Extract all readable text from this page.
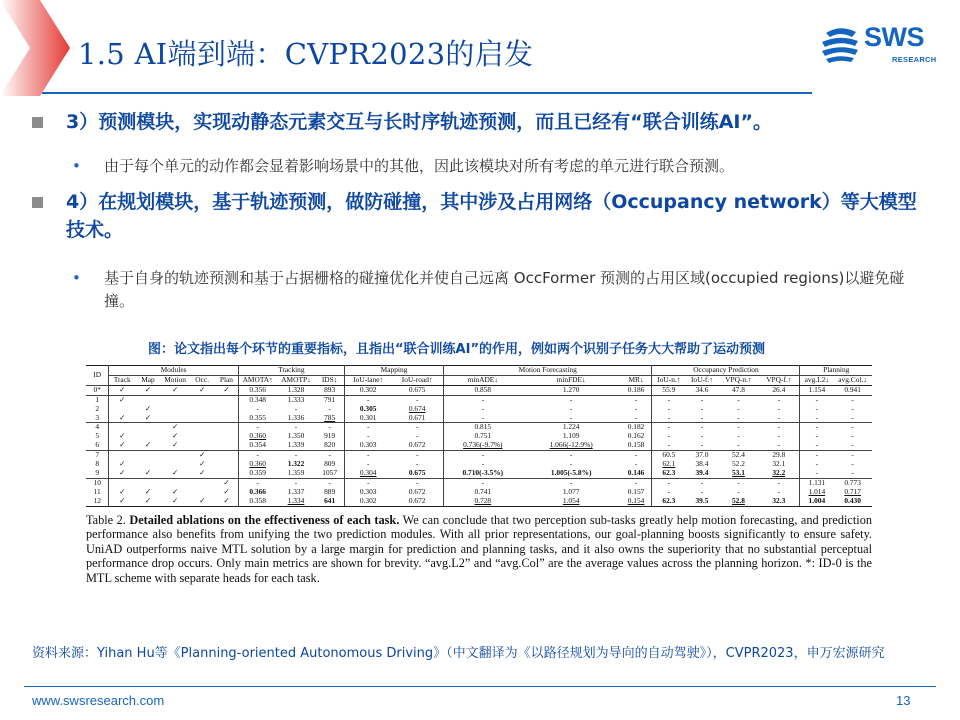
1.5 AI端到端：CVPR2023的启发	SWS
RESEARCH
3）预测模块，实现动静态元素交互与长时序轨迹预测，而且已经有“联合训练AI”。
•	由于每个单元的动作都会显着影响场景中的其他，因此该模块对所有考虑的单元进行联合预测。
4）在规划模块，基于轨迹预测，做防碰撞，其中涉及占用网络（Occupancy network）等大模型技术。
•	基于自身的轨迹预测和基于占据栅格的碰撞优化并使自己远离 OccFormer 预测的占用区域(occupied regions)以避免碰撞。
图：论文指出每个环节的重要指标，且指出“联合训练AI”的作用，例如两个识别子任务大大帮助了运动预测
ID	Modules					Tracking			Mapping		Motion Forecasting			Occupancy Prediction				Planning	
	Track	Map	Motion	Occ.	Plan	AMOTA↑	AMOTP↓	IDS↓	IoU-lane↑	IoU-road↑	minADE↓	minFDE↓	MR↓	IoU-n.↑	IoU-f.↑	VPQ-n.↑	VPQ-f.↑	avg.L2↓	avg.Col.↓
0*	✓	✓	✓	✓	✓	0.356	1.328	893	0.302	0.675	0.858	1.270	0.186	55.9	34.6	47.8	26.4	1.154	0.941
1	✓					0.348	1.333	791	-	-	-	-	-	-	-	-	-	-	-
2		✓				-	-	-	0.305	0.674	-	-	-	-	-	-	-	-	-
3	✓	✓				0.355	1.336	785	0.301	0.671	-	-	-	-	-	-	-	-	-
4			✓			-	-	-	-	-	0.815	1.224	0.182	-	-	-	-	-	-
5	✓		✓			0.360	1.350	919	-	-	0.751	1.109	0.162	-	-	-	-	-	-
6	✓	✓	✓			0.354	1.339	820	0.303	0.672	0.736(-9.7%)	1.066(-12.9%)	0.158	-	-	-	-	-	-
7				✓		-	-	-	-	-	-	-	-	60.5	37.0	52.4	29.8	-	-
8	✓			✓		0.360	1.322	809	-	-	-	-	-	62.1	38.4	52.2	32.1	-	-
9	✓	✓	✓	✓		0.359	1.359	1057	0.304	0.675	0.710(-3.5%)	1.005(-5.8%)	0.146	62.3	39.4	53.1	32.2	-	-
10					✓	-	-	-	-	-	-	-	-	-	-	-	-	1.131	0.773
11	✓	✓	✓		✓	0.366	1.337	889	0.303	0.672	0.741	1.077	0.157	-	-	-	-	1.014	0.717
12	✓	✓	✓	✓	✓	0.358	1.334	641	0.302	0.672	0.728	1.054	0.154	62.3	39.5	52.8	32.3	1.004	0.430
Table 2. Detailed ablations on the effectiveness of each task. We can conclude that two perception sub-tasks greatly help motion forecasting, and prediction performance also benefits from unifying the two prediction modules. With all prior representations, our goal-planning boosts significantly to ensure safety. UniAD outperforms naive MTL solution by a large margin for prediction and planning tasks, and it also owns the superiority that no substantial perceptual performance drop occurs. Only main metrics are shown for brevity. “avg.L2” and “avg.Col” are the average values across the planning horizon. *: ID-0 is the MTL scheme with separate heads for each task.
资料来源：Yihan Hu等《Planning-oriented Autonomous Driving》（中文翻译为《以路径规划为导向的自动驾驶》），CVPR2023，申万宏源研究
www.swsresearch.com	13
